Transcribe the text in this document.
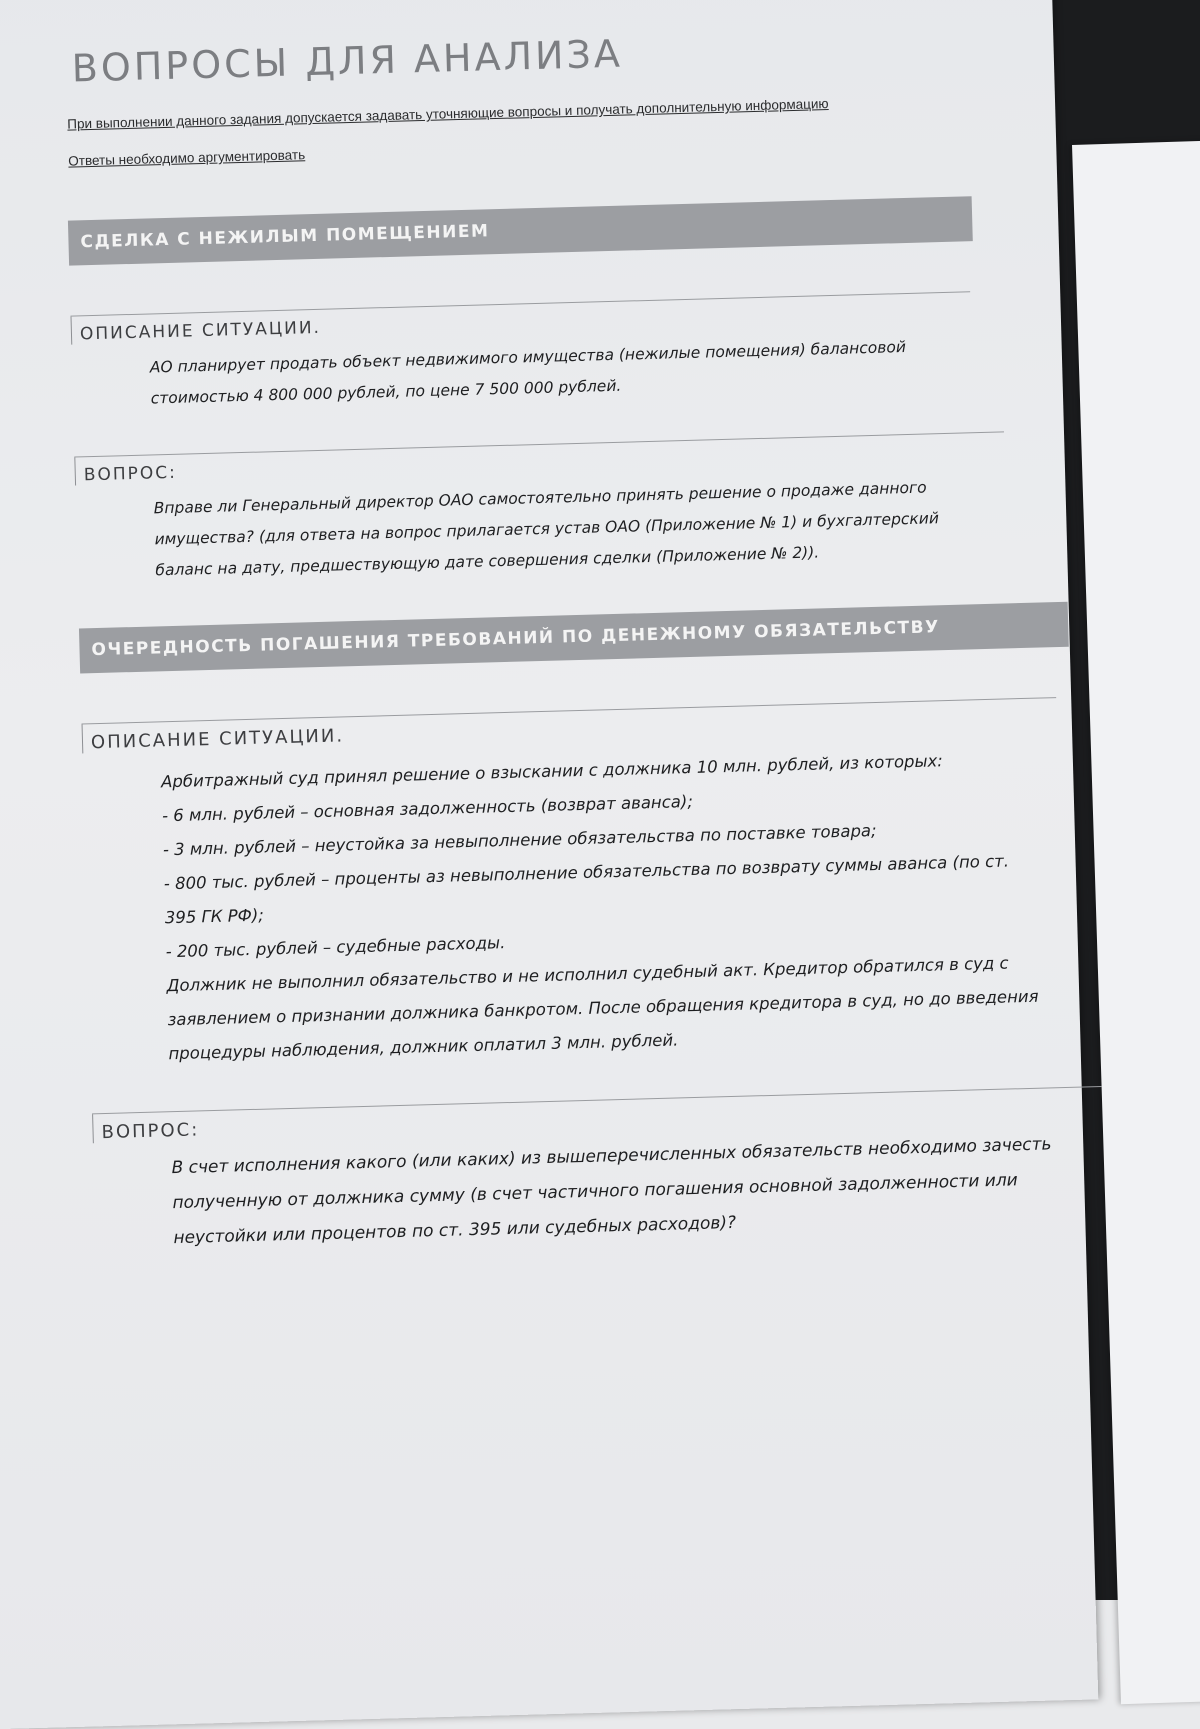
ВОПРОСЫ ДЛЯ АНАЛИЗА
При выполнении данного задания допускается задавать уточняющие вопросы и получать дополнительную информацию
Ответы необходимо аргументировать
СДЕЛКА С НЕЖИЛЫМ ПОМЕЩЕНИЕМ
ОПИСАНИЕ СИТУАЦИИ.

АО планирует продать объект недвижимого имущества (нежилые помещения) балансовой

стоимостью 4 800 000 рублей, по цене 7 500 000 рублей.

ВОПРОС:

Вправе ли Генеральный директор ОАО самостоятельно принять решение о продаже данного

имущества? (для ответа на вопрос прилагается устав ОАО (Приложение № 1) и бухгалтерский

баланс на дату, предшествующую дате совершения сделки (Приложение № 2)).

ОЧЕРЕДНОСТЬ ПОГАШЕНИЯ ТРЕБОВАНИЙ ПО ДЕНЕЖНОМУ ОБЯЗАТЕЛЬСТВУ
ОПИСАНИЕ СИТУАЦИИ.

Арбитражный суд принял решение о взыскании с должника 10 млн. рублей, из которых:

- 6 млн. рублей – основная задолженность (возврат аванса);

- 3 млн. рублей – неустойка за невыполнение обязательства по поставке товара;

- 800 тыс. рублей – проценты аз невыполнение обязательства по возврату суммы аванса (по ст.

395 ГК РФ);

- 200 тыс. рублей – судебные расходы.

Должник не выполнил обязательство и не исполнил судебный акт. Кредитор обратился в суд с

заявлением о признании должника банкротом. После обращения кредитора в суд, но до введения

процедуры наблюдения, должник оплатил 3 млн. рублей.

ВОПРОС:

В счет исполнения какого (или каких) из вышеперечисленных обязательств необходимо зачесть

полученную от должника сумму (в счет частичного погашения основной задолженности или

неустойки или процентов по ст. 395 или судебных расходов)?
